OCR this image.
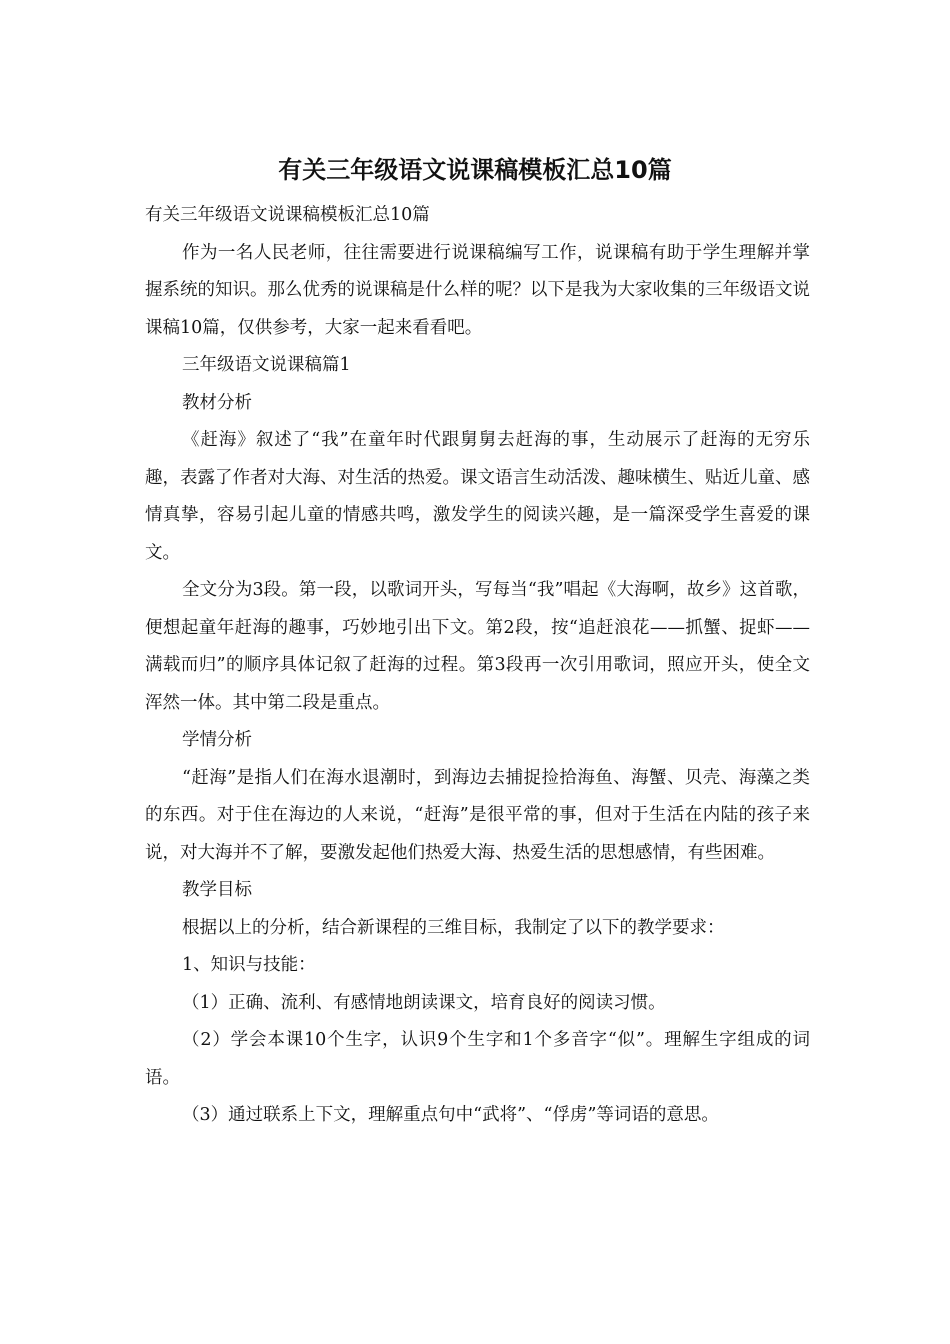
有关三年级语文说课稿模板汇总10篇

有关三年级语文说课稿模板汇总10篇

作为一名人民老师，往往需要进行说课稿编写工作，说课稿有助于学生理解并掌握系统的知识。那么优秀的说课稿是什么样的呢？以下是我为大家收集的三年级语文说课稿10篇，仅供参考，大家一起来看看吧。

三年级语文说课稿篇1

教材分析

《赶海》叙述了“我”在童年时代跟舅舅去赶海的事，生动展示了赶海的无穷乐趣，表露了作者对大海、对生活的热爱。课文语言生动活泼、趣味横生、贴近儿童、感情真挚，容易引起儿童的情感共鸣，激发学生的阅读兴趣，是一篇深受学生喜爱的课文。

全文分为3段。第一段，以歌词开头，写每当“我”唱起《大海啊，故乡》这首歌，便想起童年赶海的趣事，巧妙地引出下文。第2段，按“追赶浪花——抓蟹、捉虾——满载而归”的顺序具体记叙了赶海的过程。第3段再一次引用歌词，照应开头，使全文浑然一体。其中第二段是重点。

学情分析

“赶海”是指人们在海水退潮时，到海边去捕捉捡拾海鱼、海蟹、贝壳、海藻之类的东西。对于住在海边的人来说，“赶海”是很平常的事，但对于生活在内陆的孩子来说，对大海并不了解，要激发起他们热爱大海、热爱生活的思想感情，有些困难。

教学目标

根据以上的分析，结合新课程的三维目标，我制定了以下的教学要求：

1、知识与技能：

（1）正确、流利、有感情地朗读课文，培育良好的阅读习惯。

（2）学会本课10个生字，认识9个生字和1个多音字“似”。理解生字组成的词语。

（3）通过联系上下文，理解重点句中“武将”、“俘虏”等词语的意思。
